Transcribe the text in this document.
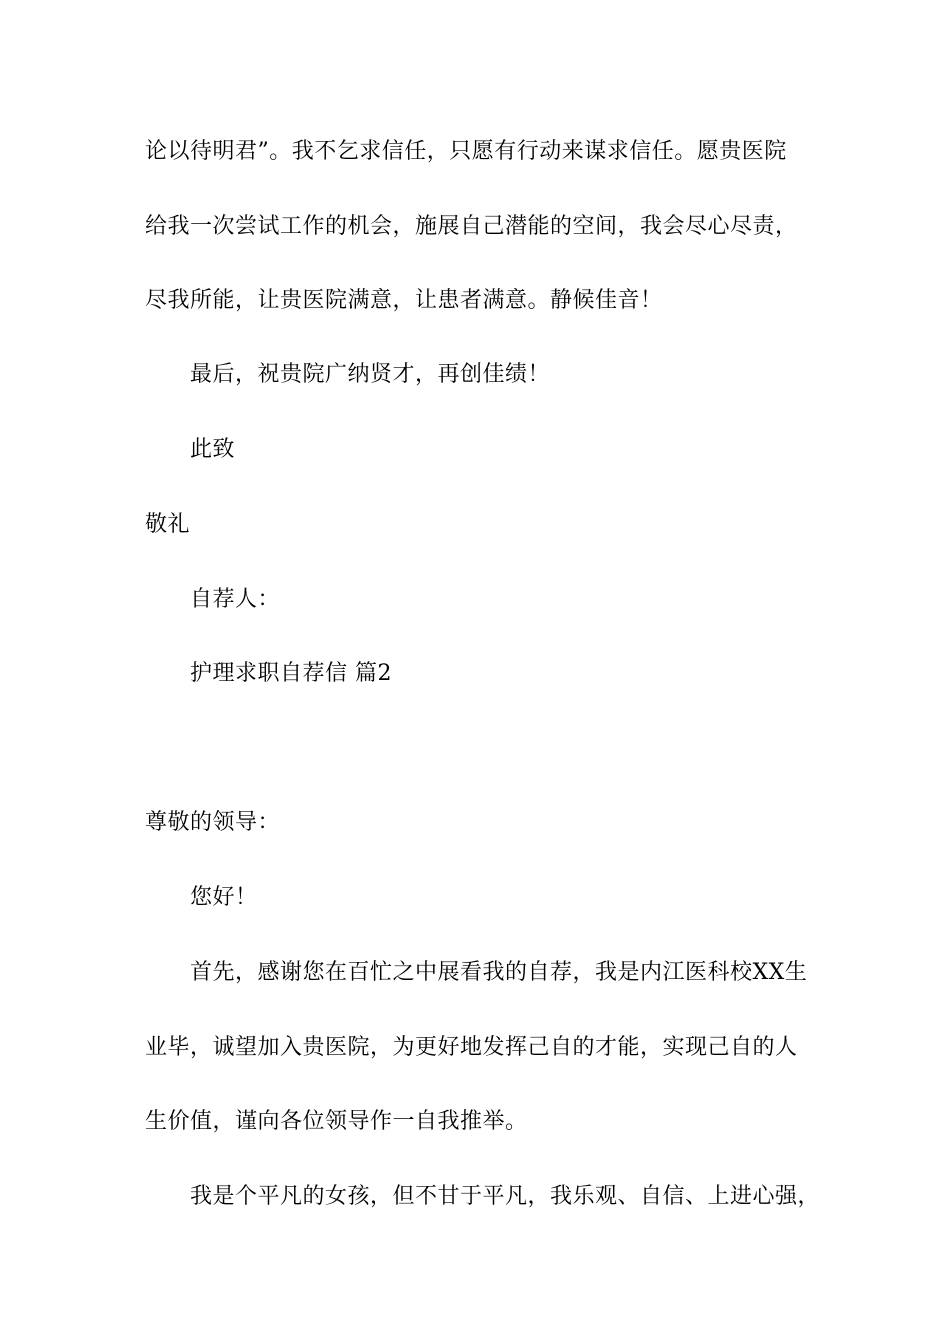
论以待明君”。我不乞求信任，只愿有行动来谋求信任。愿贵医院
给我一次尝试工作的机会，施展自己潜能的空间，我会尽心尽责，
尽我所能，让贵医院满意，让患者满意。静候佳音！
最后，祝贵院广纳贤才，再创佳绩！
此致
敬礼
自荐人：
护理求职自荐信 篇2
尊敬的领导：
您好！
首先，感谢您在百忙之中展看我的自荐，我是内江医科校XX生
业毕，诚望加入贵医院，为更好地发挥己自的才能，实现己自的人
生价值，谨向各位领导作一自我推举。
我是个平凡的女孩，但不甘于平凡，我乐观、自信、上进心强，
